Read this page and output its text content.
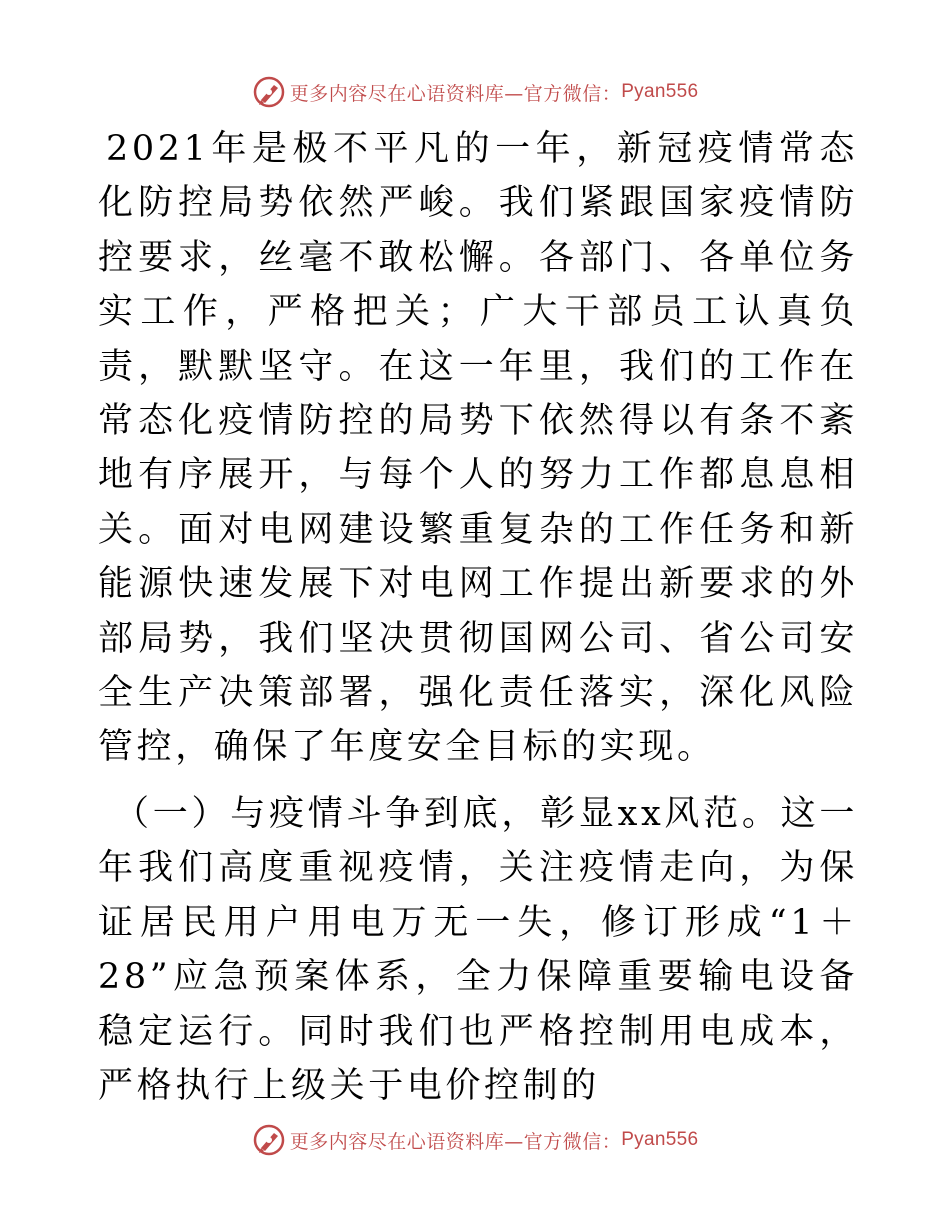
更多内容尽在心语资料库—官方微信： Pyan556

2021年是极不平凡的一年，新冠疫情常态化防控局势依然严峻。我们紧跟国家疫情防控要求，丝毫不敢松懈。各部门、各单位务实工作，严格把关；广大干部员工认真负责，默默坚守。在这一年里，我们的工作在常态化疫情防控的局势下依然得以有条不紊地有序展开，与每个人的努力工作都息息相关。面对电网建设繁重复杂的工作任务和新能源快速发展下对电网工作提出新要求的外部局势，我们坚决贯彻国网公司、省公司安全生产决策部署，强化责任落实，深化风险管控，确保了年度安全目标的实现。

（一）与疫情斗争到底，彰显xx风范。这一年我们高度重视疫情，关注疫情走向，为保证居民用户用电万无一失，修订形成“1＋28”应急预案体系，全力保障重要输电设备稳定运行。同时我们也严格控制用电成本，严格执行上级关于电价控制的

更多内容尽在心语资料库—官方微信： Pyan556
